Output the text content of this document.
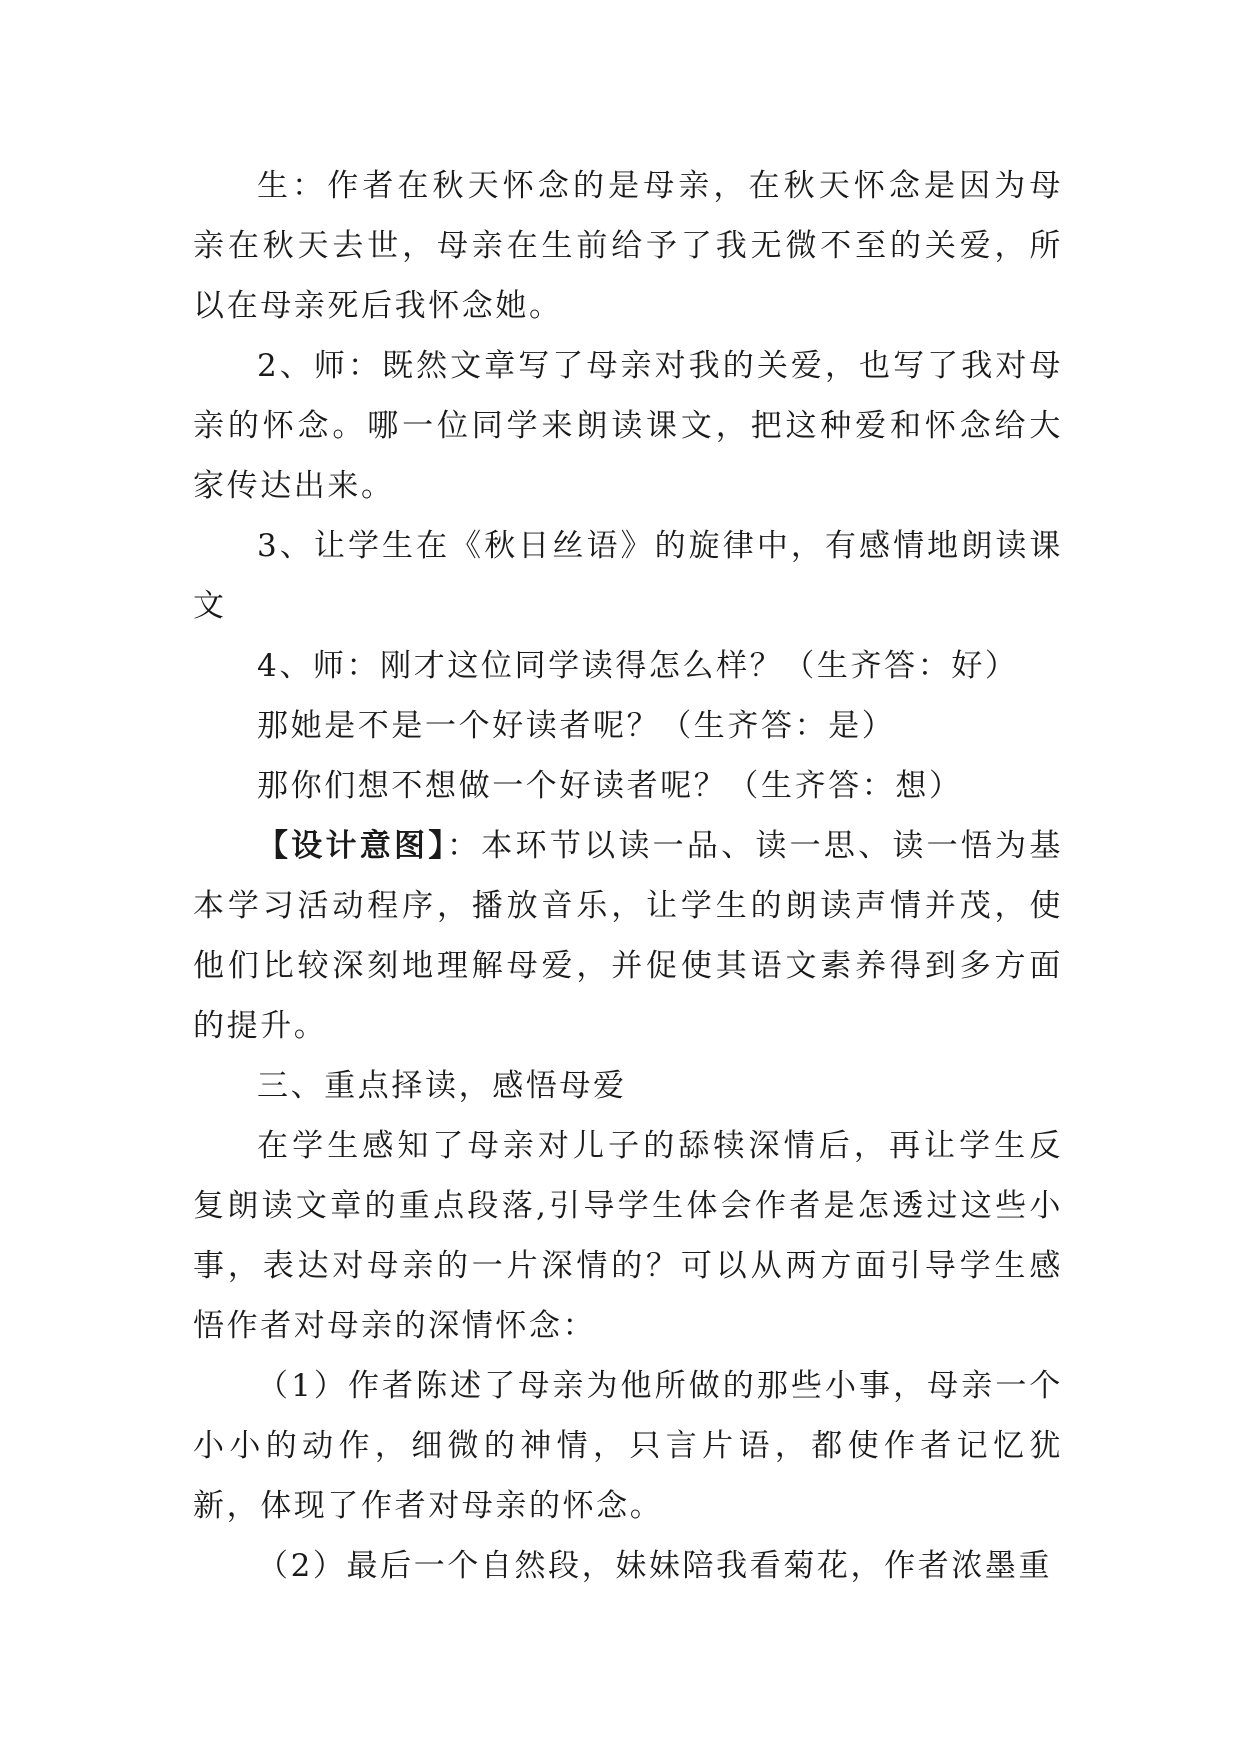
生：作者在秋天怀念的是母亲，在秋天怀念是因为母亲在秋天去世，母亲在生前给予了我无微不至的关爱，所以在母亲死后我怀念她。

2、师：既然文章写了母亲对我的关爱，也写了我对母亲的怀念。哪一位同学来朗读课文，把这种爱和怀念给大家传达出来。

3、让学生在《秋日丝语》的旋律中，有感情地朗读课文

4、师：刚才这位同学读得怎么样？（生齐答：好）

那她是不是一个好读者呢？（生齐答：是）

那你们想不想做一个好读者呢？（生齐答：想）

【设计意图】：本环节以读一品、读一思、读一悟为基本学习活动程序，播放音乐，让学生的朗读声情并茂，使他们比较深刻地理解母爱，并促使其语文素养得到多方面的提升。

三、重点择读，感悟母爱

在学生感知了母亲对儿子的舔犊深情后，再让学生反复朗读文章的重点段落,引导学生体会作者是怎透过这些小事，表达对母亲的一片深情的？可以从两方面引导学生感悟作者对母亲的深情怀念：

（1）作者陈述了母亲为他所做的那些小事，母亲一个小小的动作，细微的神情，只言片语，都使作者记忆犹新，体现了作者对母亲的怀念。

（2）最后一个自然段，妹妹陪我看菊花，作者浓墨重
